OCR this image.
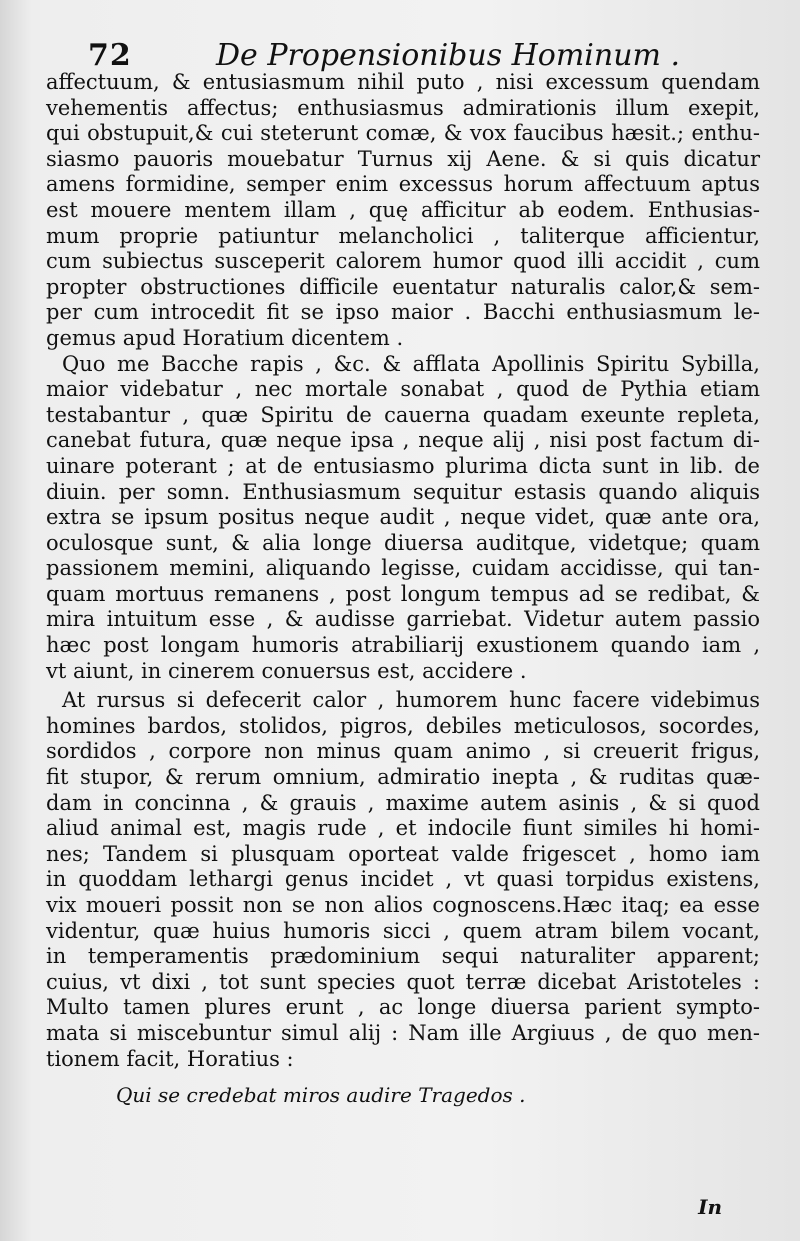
72	De Propensionibus Hominum .
affectuum, & entusiasmum nihil puto , nisi excessum quendam
vehementis affectus; enthusiasmus admirationis illum exepit,
qui obstupuit,& cui steterunt comæ, & vox faucibus hæsit.; enthu-
siasmo pauoris mouebatur Turnus xij Aene. & si quis dicatur
amens formidine, semper enim excessus horum affectuum aptus
est mouere mentem illam , quę afficitur ab eodem. Enthusias-
mum proprie patiuntur melancholici , taliterque afficientur,
cum subiectus susceperit calorem humor quod illi accidit , cum
propter obstructiones difficile euentatur naturalis calor,& sem-
per cum introcedit fit se ipso maior . Bacchi enthusiasmum le-
gemus apud Horatium dicentem .
Quo me Bacche rapis , &c. & afflata Apollinis Spiritu Sybilla,
maior videbatur , nec mortale sonabat , quod de Pythia etiam
testabantur , quæ Spiritu de cauerna quadam exeunte repleta,
canebat futura, quæ neque ipsa , neque alij , nisi post factum di-
uinare poterant ; at de entusiasmo plurima dicta sunt in lib. de
diuin. per somn. Enthusiasmum sequitur estasis quando aliquis
extra se ipsum positus neque audit , neque videt, quæ ante ora,
oculosque sunt, & alia longe diuersa auditque, videtque; quam
passionem memini, aliquando legisse, cuidam accidisse, qui tan-
quam mortuus remanens , post longum tempus ad se redibat, &
mira intuitum esse , & audisse garriebat. Videtur autem passio
hæc post longam humoris atrabiliarij exustionem quando iam ,
vt aiunt, in cinerem conuersus est, accidere .
At rursus si defecerit calor , humorem hunc facere videbimus
homines bardos, stolidos, pigros, debiles meticulosos, socordes,
sordidos , corpore non minus quam animo , si creuerit frigus,
fit stupor, & rerum omnium, admiratio inepta , & ruditas quæ-
dam in concinna , & grauis , maxime autem asinis , & si quod
aliud animal est, magis rude , et indocile fiunt similes hi homi-
nes; Tandem si plusquam oporteat valde frigescet , homo iam
in quoddam lethargi genus incidet , vt quasi torpidus existens,
vix moueri possit non se non alios cognoscens.Hæc itaq; ea esse
videntur, quæ huius humoris sicci , quem atram bilem vocant,
in temperamentis prædominium sequi naturaliter apparent;
cuius, vt dixi , tot sunt species quot terræ dicebat Aristoteles :
Multo tamen plures erunt , ac longe diuersa parient sympto-
mata si miscebuntur simul alij : Nam ille Argiuus , de quo men-
tionem facit, Horatius :
Qui se credebat miros audire Tragedos .
In
